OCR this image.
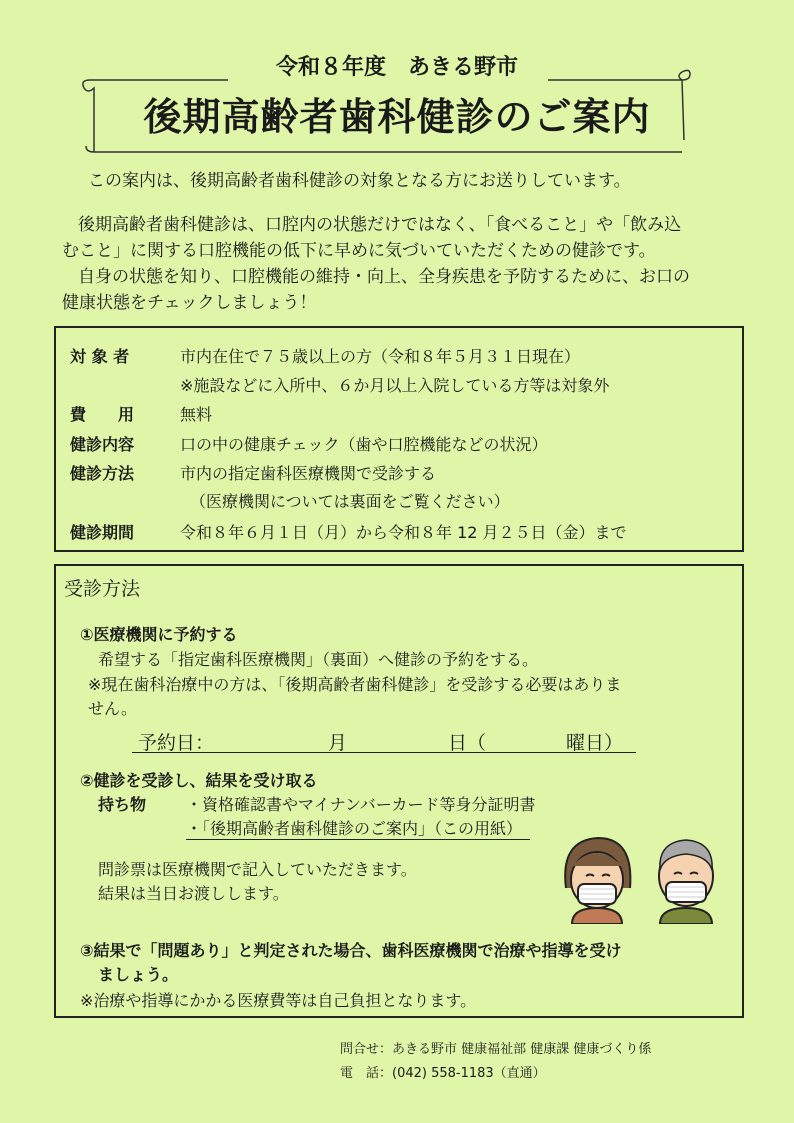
令和８年度　あきる野市
後期高齢者歯科健診のご案内
この案内は、後期高齢者歯科健診の対象となる方にお送りしています。
後期高齢者歯科健診は、口腔内の状態だけではなく、「食べること」や「飲み込
むこと」に関する口腔機能の低下に早めに気づいていただくための健診です。
自身の状態を知り、口腔機能の維持・向上、全身疾患を予防するために、お口の
健康状態をチェックしましょう！
対 象 者	市内在住で７５歳以上の方（令和８年５月３１日現在）
※施設などに入所中、６か月以上入院している方等は対象外
費　　用	無料
健診内容	口の中の健康チェック（歯や口腔機能などの状況）
健診方法	市内の指定歯科医療機関で受診する
（医療機関については裏面をご覧ください）
健診期間	令和８年６月１日（月）から令和８年 12 月２５日（金）まで
受診方法
①医療機関に予約する
希望する「指定歯科医療機関」（裏面）へ健診の予約をする。
※現在歯科治療中の方は、「後期高齢者歯科健診」を受診する必要はありま
せん。
予約日：	月	日（	曜日）
②健診を受診し、結果を受け取る
持ち物 ・資格確認書やマイナンバーカード等身分証明書
・「後期高齢者歯科健診のご案内」（この用紙）
問診票は医療機関で記入していただきます。
結果は当日お渡しします。
③結果で「問題あり」と判定された場合、歯科医療機関で治療や指導を受け
ましょう。
※治療や指導にかかる医療費等は自己負担となります。
問合せ：あきる野市 健康福祉部 健康課 健康づくり係
電　話：(042) 558-1183（直通）
